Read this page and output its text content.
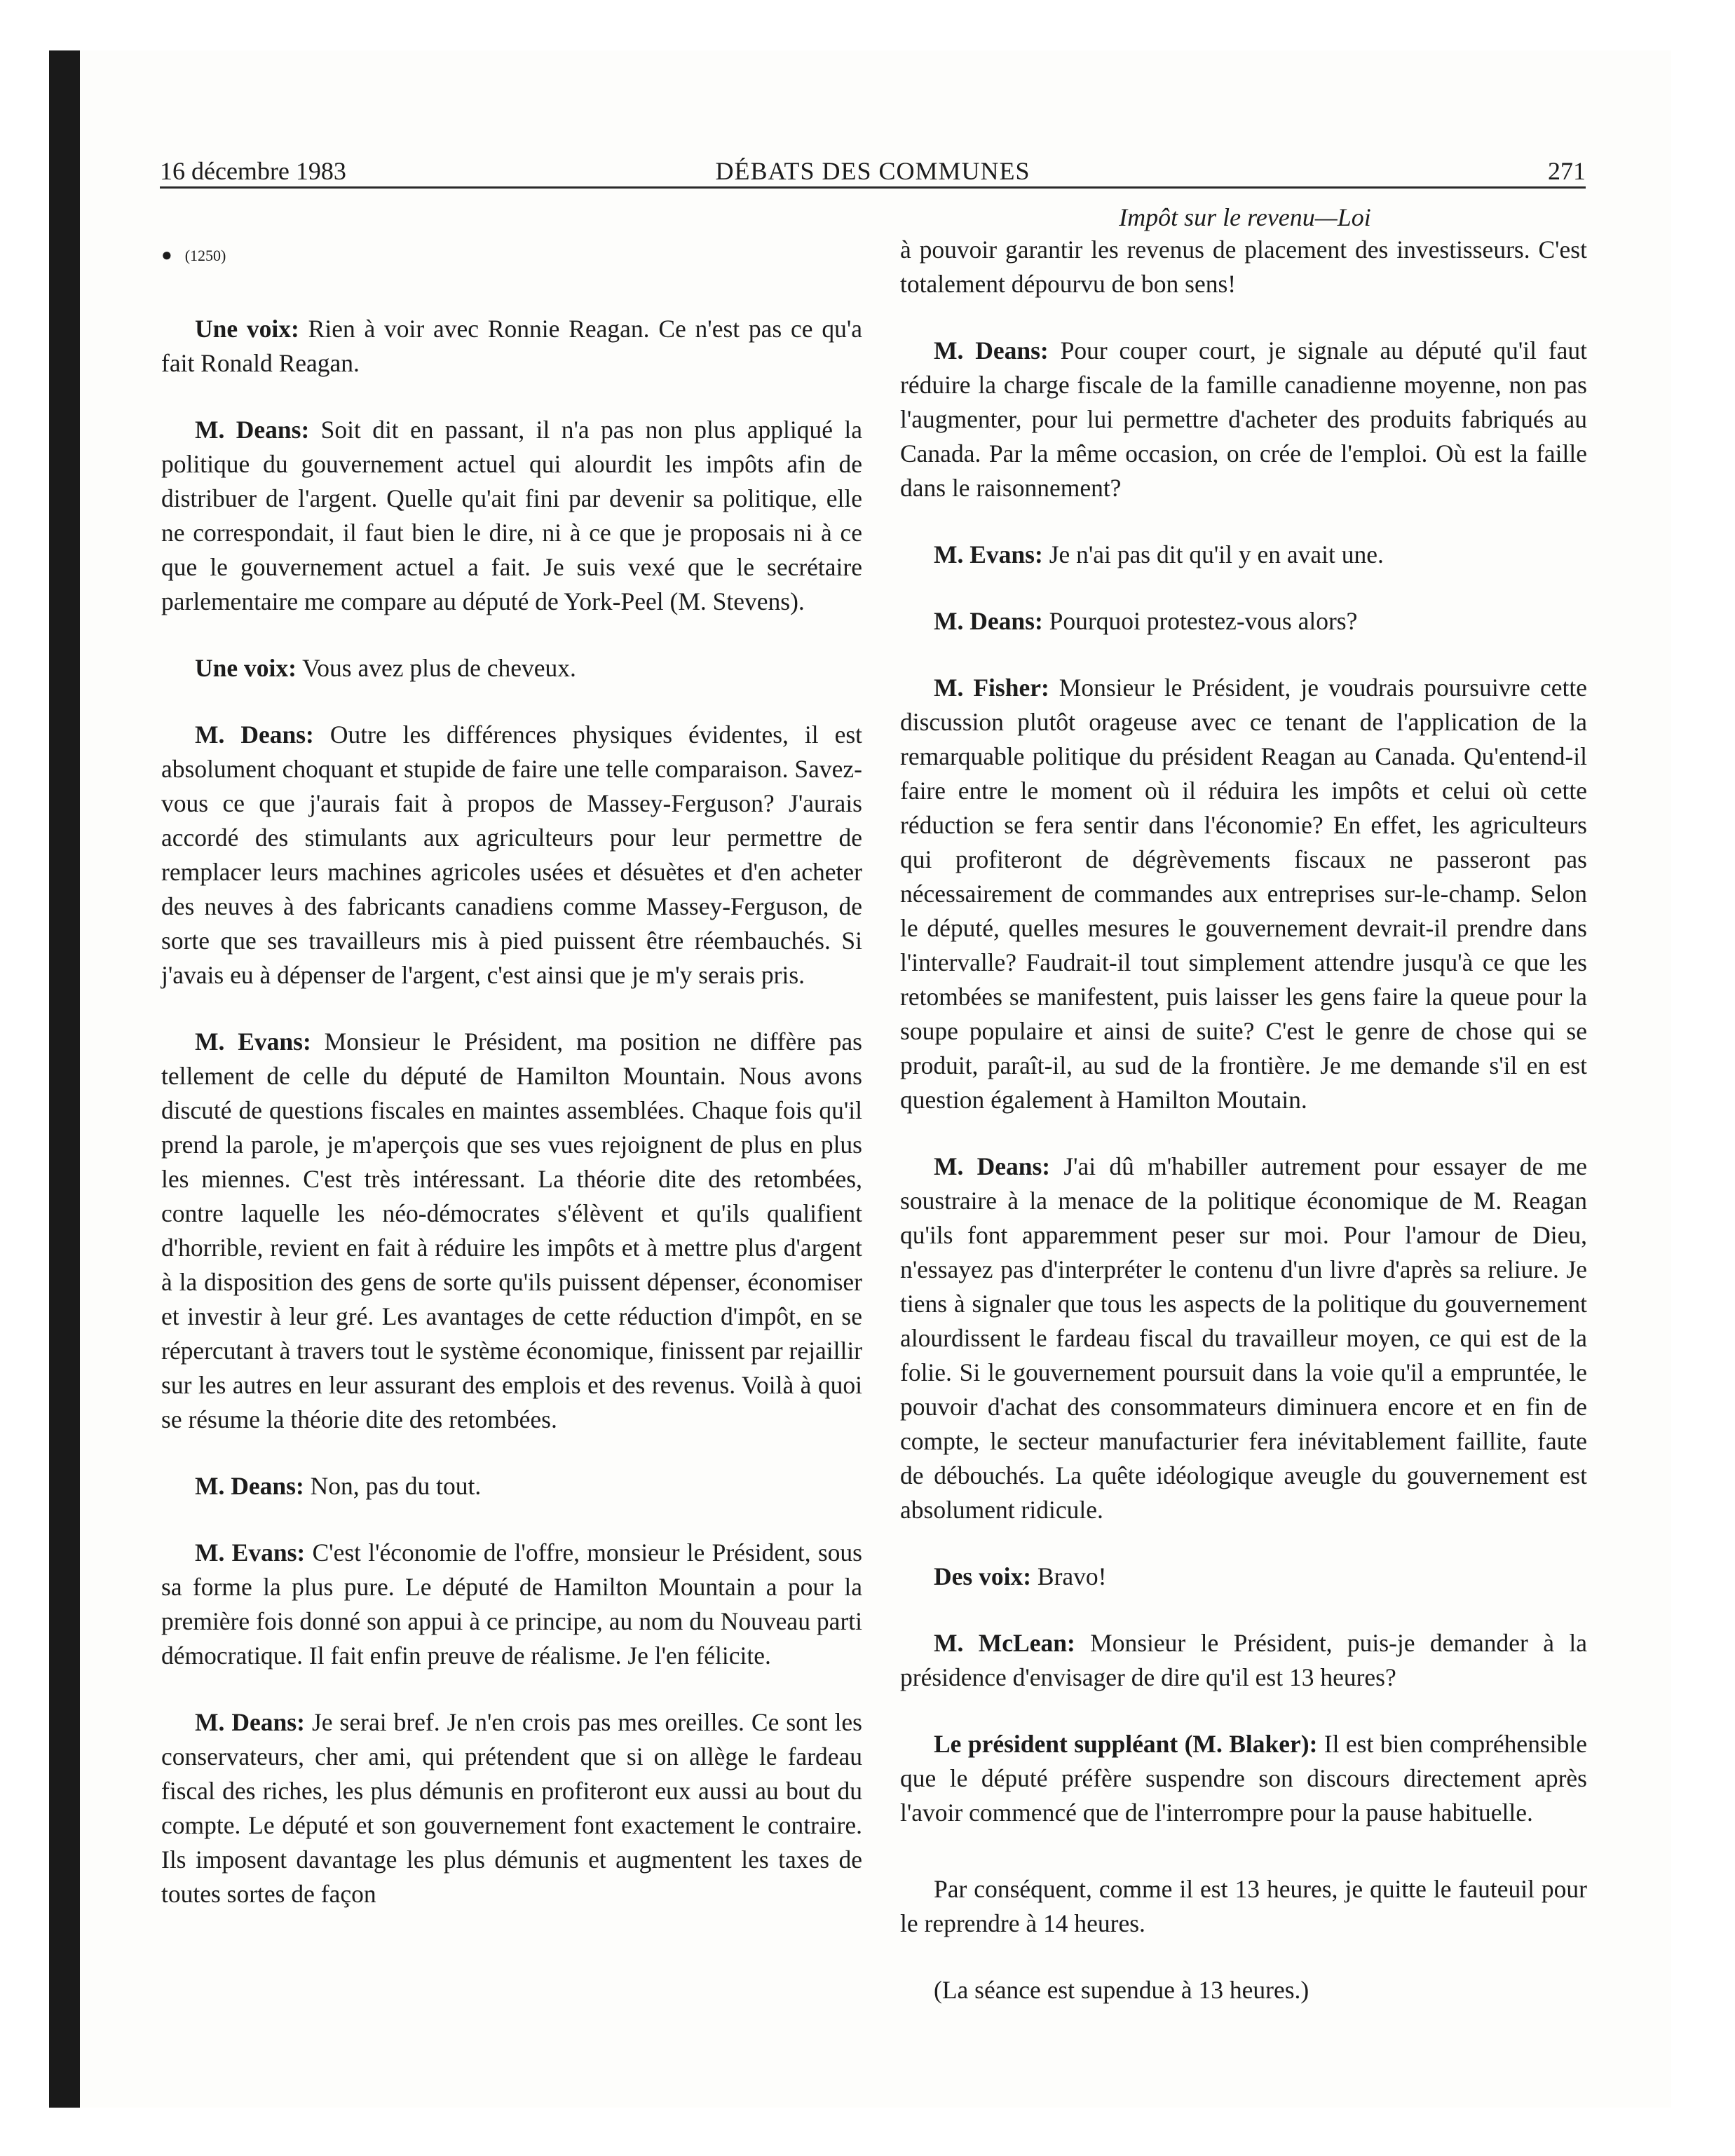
16 décembre 1983	DÉBATS DES COMMUNES	271
Impôt sur le revenu—Loi

● (1250)

Une voix: Rien à voir avec Ronnie Reagan. Ce n'est pas ce qu'a fait Ronald Reagan.

M. Deans: Soit dit en passant, il n'a pas non plus appliqué la politique du gouvernement actuel qui alourdit les impôts afin de distribuer de l'argent. Quelle qu'ait fini par devenir sa politique, elle ne correspondait, il faut bien le dire, ni à ce que je proposais ni à ce que le gouvernement actuel a fait. Je suis vexé que le secrétaire parlementaire me compare au député de York-Peel (M. Stevens).

Une voix: Vous avez plus de cheveux.

M. Deans: Outre les différences physiques évidentes, il est absolument choquant et stupide de faire une telle comparaison. Savez-vous ce que j'aurais fait à propos de Massey-Ferguson? J'aurais accordé des stimulants aux agriculteurs pour leur permettre de remplacer leurs machines agricoles usées et désuètes et d'en acheter des neuves à des fabricants canadiens comme Massey-Ferguson, de sorte que ses travailleurs mis à pied puissent être réembauchés. Si j'avais eu à dépenser de l'argent, c'est ainsi que je m'y serais pris.

M. Evans: Monsieur le Président, ma position ne diffère pas tellement de celle du député de Hamilton Mountain. Nous avons discuté de questions fiscales en maintes assemblées. Chaque fois qu'il prend la parole, je m'aperçois que ses vues rejoignent de plus en plus les miennes. C'est très intéressant. La théorie dite des retombées, contre laquelle les néo-démocrates s'élèvent et qu'ils qualifient d'horrible, revient en fait à réduire les impôts et à mettre plus d'argent à la disposition des gens de sorte qu'ils puissent dépenser, économiser et investir à leur gré. Les avantages de cette réduction d'impôt, en se répercutant à travers tout le système économique, finissent par rejaillir sur les autres en leur assurant des emplois et des revenus. Voilà à quoi se résume la théorie dite des retombées.

M. Deans: Non, pas du tout.

M. Evans: C'est l'économie de l'offre, monsieur le Président, sous sa forme la plus pure. Le député de Hamilton Mountain a pour la première fois donné son appui à ce principe, au nom du Nouveau parti démocratique. Il fait enfin preuve de réalisme. Je l'en félicite.

M. Deans: Je serai bref. Je n'en crois pas mes oreilles. Ce sont les conservateurs, cher ami, qui prétendent que si on allège le fardeau fiscal des riches, les plus démunis en profiteront eux aussi au bout du compte. Le député et son gouvernement font exactement le contraire. Ils imposent davantage les plus démunis et augmentent les taxes de toutes sortes de façon

à pouvoir garantir les revenus de placement des investisseurs. C'est totalement dépourvu de bon sens!

M. Deans: Pour couper court, je signale au député qu'il faut réduire la charge fiscale de la famille canadienne moyenne, non pas l'augmenter, pour lui permettre d'acheter des produits fabriqués au Canada. Par la même occasion, on crée de l'emploi. Où est la faille dans le raisonnement?

M. Evans: Je n'ai pas dit qu'il y en avait une.

M. Deans: Pourquoi protestez-vous alors?

M. Fisher: Monsieur le Président, je voudrais poursuivre cette discussion plutôt orageuse avec ce tenant de l'application de la remarquable politique du président Reagan au Canada. Qu'entend-il faire entre le moment où il réduira les impôts et celui où cette réduction se fera sentir dans l'économie? En effet, les agriculteurs qui profiteront de dégrèvements fiscaux ne passeront pas nécessairement de commandes aux entreprises sur-le-champ. Selon le député, quelles mesures le gouvernement devrait-il prendre dans l'intervalle? Faudrait-il tout simplement attendre jusqu'à ce que les retombées se manifestent, puis laisser les gens faire la queue pour la soupe populaire et ainsi de suite? C'est le genre de chose qui se produit, paraît-il, au sud de la frontière. Je me demande s'il en est question également à Hamilton Moutain.

M. Deans: J'ai dû m'habiller autrement pour essayer de me soustraire à la menace de la politique économique de M. Reagan qu'ils font apparemment peser sur moi. Pour l'amour de Dieu, n'essayez pas d'interpréter le contenu d'un livre d'après sa reliure. Je tiens à signaler que tous les aspects de la politique du gouvernement alourdissent le fardeau fiscal du travailleur moyen, ce qui est de la folie. Si le gouvernement poursuit dans la voie qu'il a empruntée, le pouvoir d'achat des consommateurs diminuera encore et en fin de compte, le secteur manufacturier fera inévitablement faillite, faute de débouchés. La quête idéologique aveugle du gouvernement est absolument ridicule.

Des voix: Bravo!

M. McLean: Monsieur le Président, puis-je demander à la présidence d'envisager de dire qu'il est 13 heures?

Le président suppléant (M. Blaker): Il est bien compréhensible que le député préfère suspendre son discours directement après l'avoir commencé que de l'interrompre pour la pause habituelle.

Par conséquent, comme il est 13 heures, je quitte le fauteuil pour le reprendre à 14 heures.

(La séance est supendue à 13 heures.)
